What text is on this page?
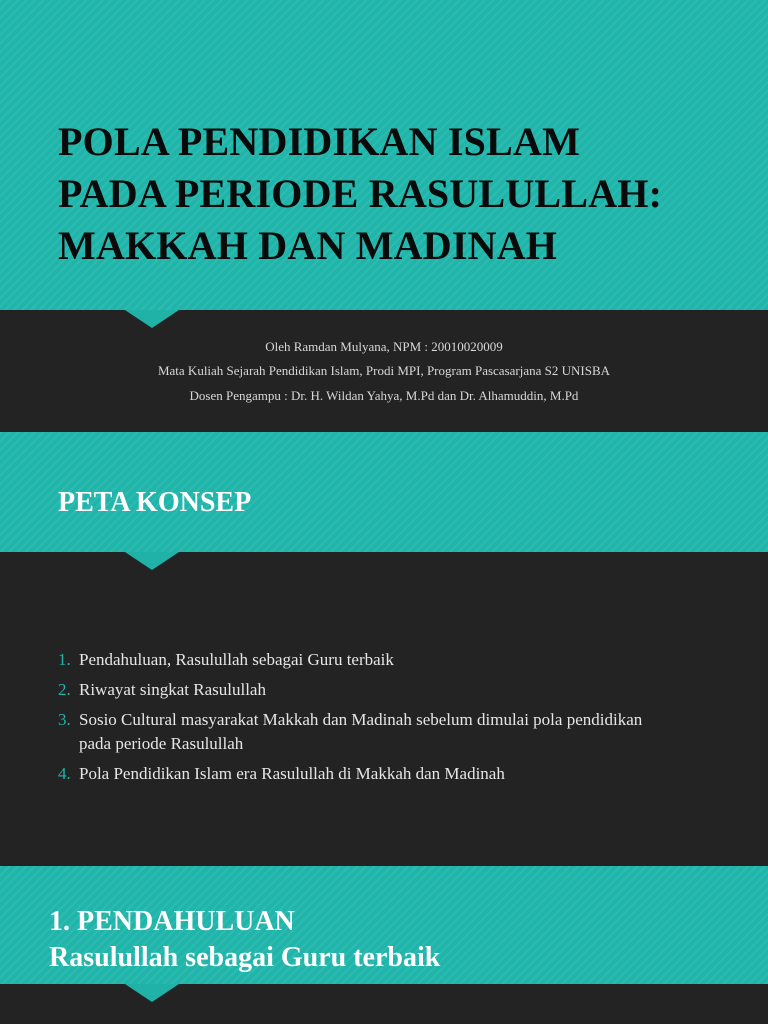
POLA PENDIDIKAN ISLAM
PADA PERIODE RASULULLAH:
MAKKAH DAN MADINAH
Oleh Ramdan Mulyana, NPM : 20010020009
Mata Kuliah Sejarah Pendidikan Islam, Prodi MPI, Program Pascasarjana S2 UNISBA
Dosen Pengampu : Dr. H. Wildan Yahya, M.Pd dan Dr. Alhamuddin, M.Pd
PETA KONSEP
1. Pendahuluan, Rasulullah sebagai Guru terbaik
2. Riwayat singkat Rasulullah
3. Sosio Cultural masyarakat Makkah dan Madinah sebelum dimulai pola pendidikan pada periode Rasulullah
4. Pola Pendidikan Islam era Rasulullah di Makkah dan Madinah
1. PENDAHULUAN
Rasulullah sebagai Guru terbaik
